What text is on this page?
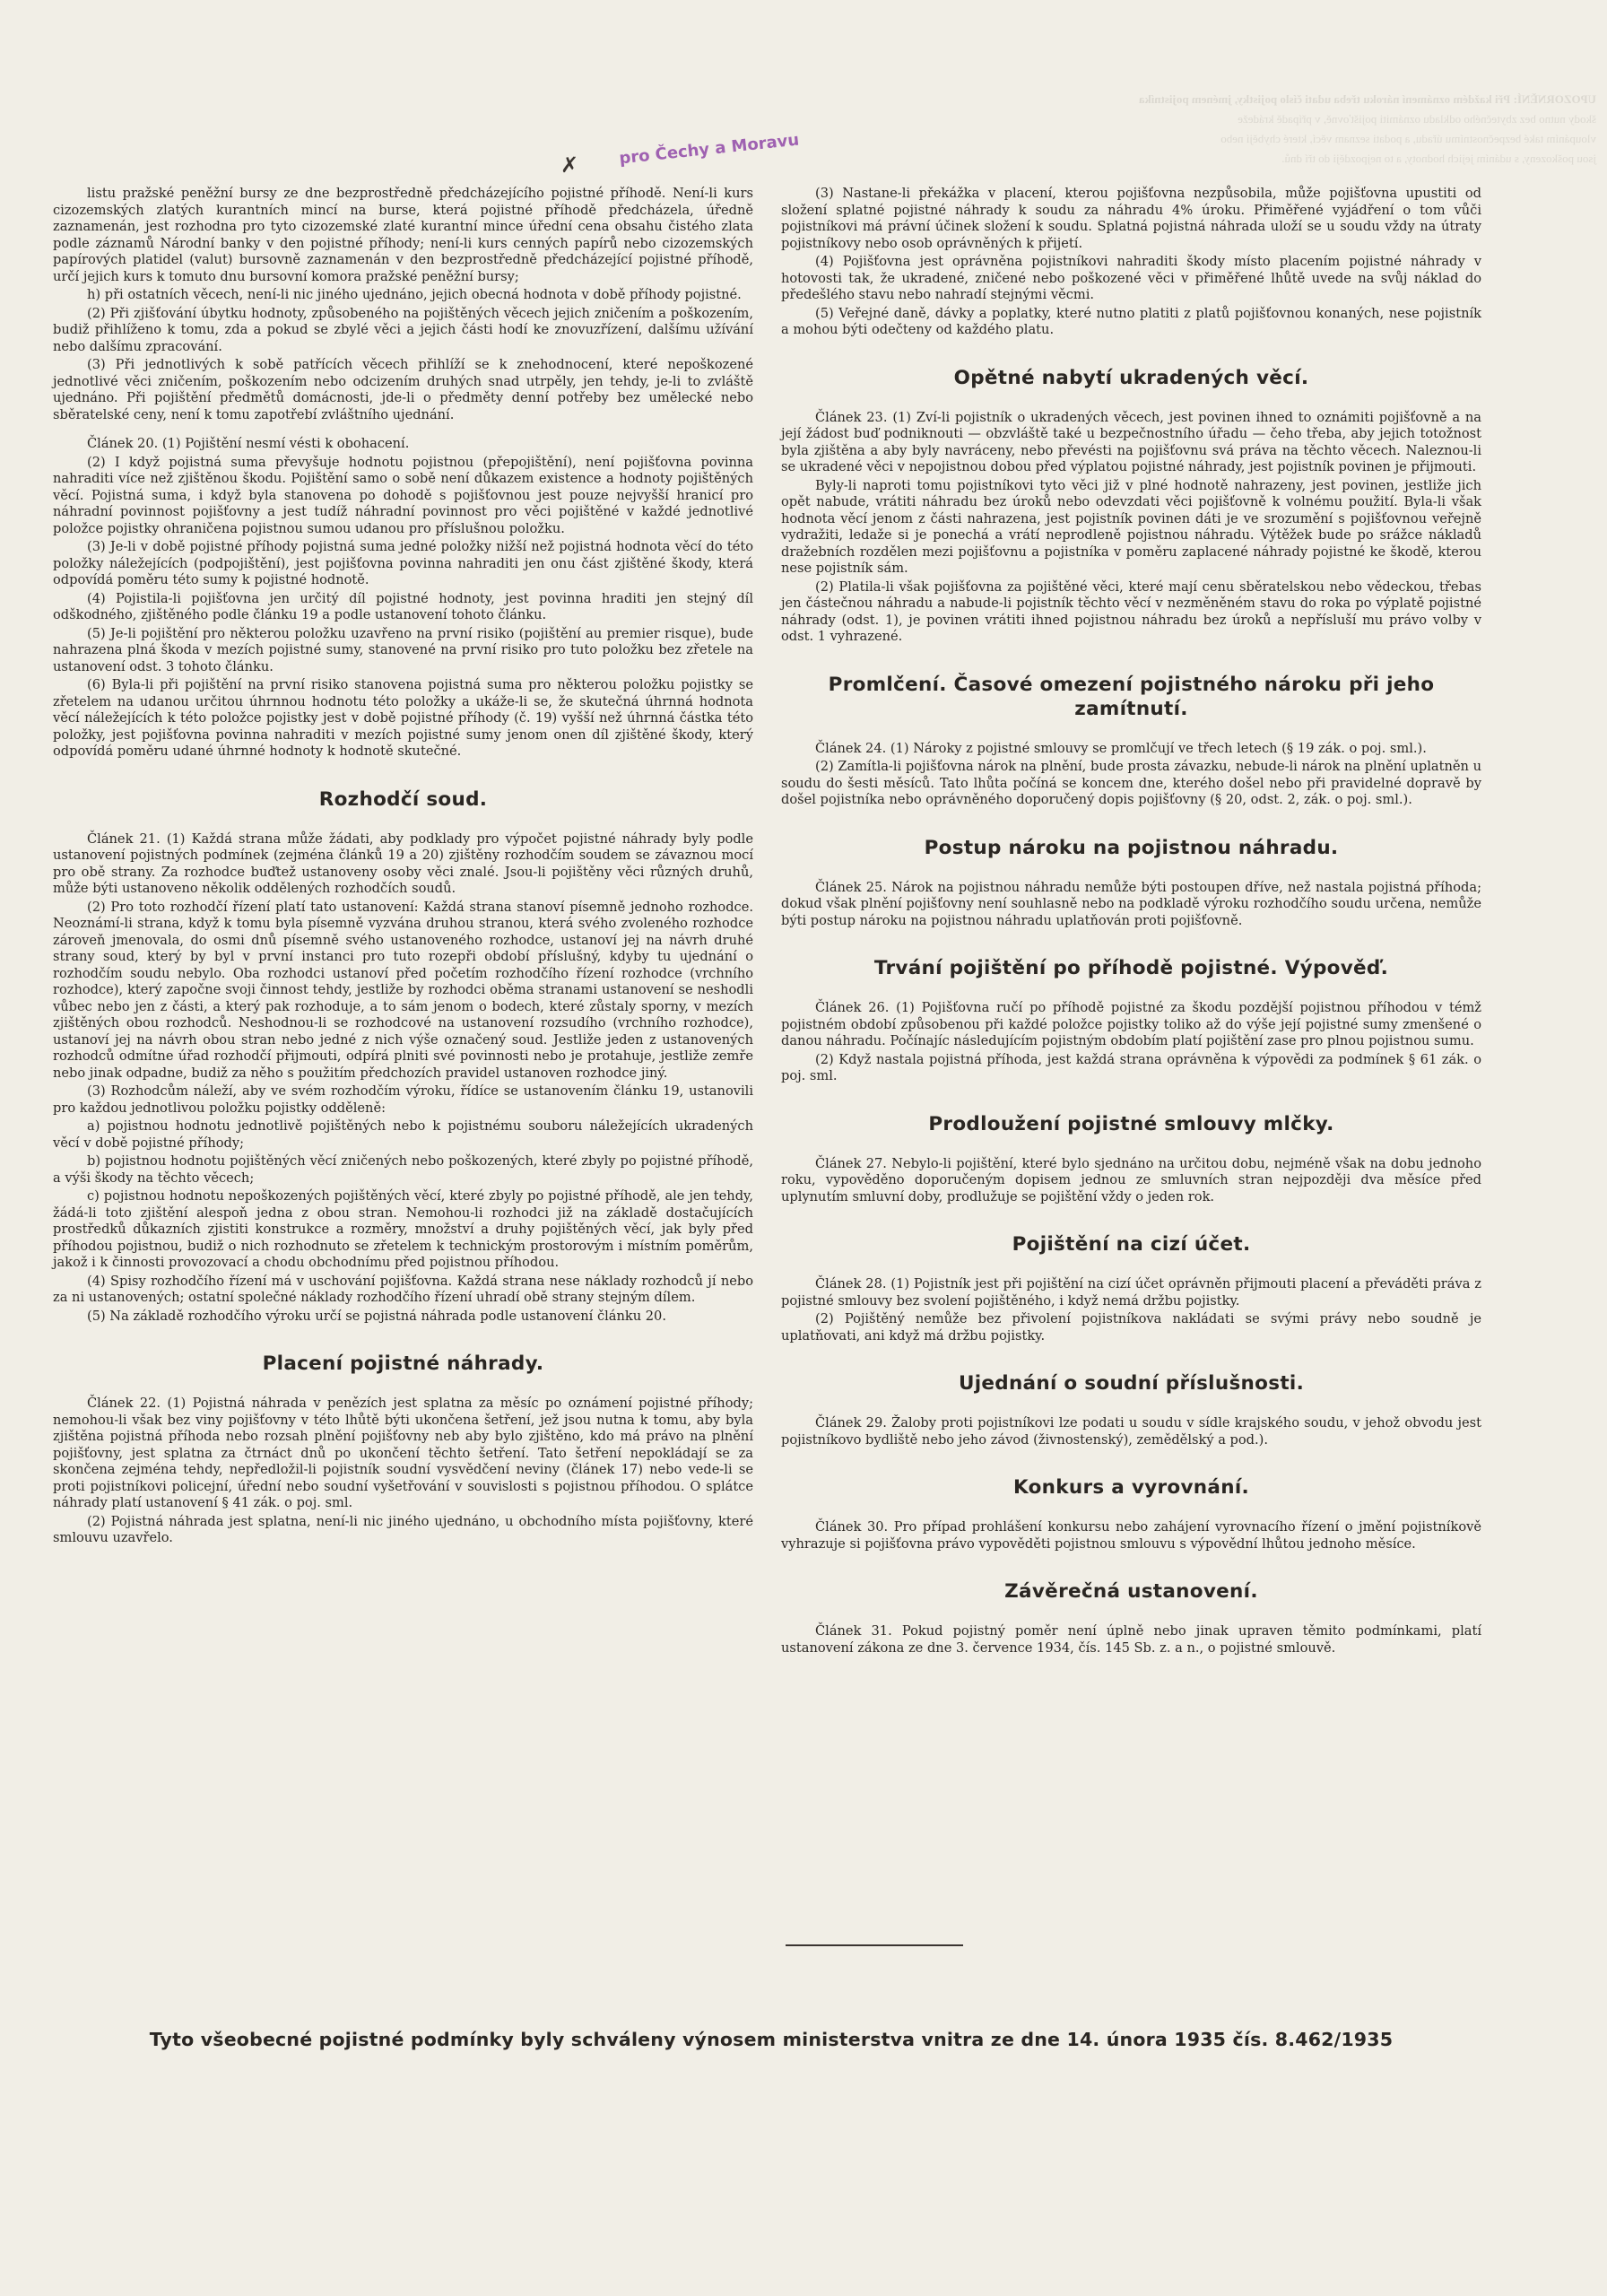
UPOZORNĚNÍ: Při každém oznámení nároku třeba udati číslo pojistky, jménem pojistníka
škody nutno bez zbytečného odkladu oznámiti pojišťovně, v případě krádeže
vloupáním také bezpečnostnímu úřadu, a podati seznam věcí, které chybějí nebo
jsou poškozeny, s udáním jejich hodnoty, a to nejpozději do tří dnů.
pro Čechy a Moravu
✗

listu pražské peněžní bursy ze dne bezprostředně předcházejícího pojistné příhodě. Není-li kurs cizozemských zlatých kurantních mincí na burse, která pojistné příhodě předcházela, úředně zaznamenán, jest rozhodna pro tyto cizozemské zlaté kurantní mince úřední cena obsahu čistého zlata podle záznamů Národní banky v den pojistné příhody; není-li kurs cenných papírů nebo cizozemských papírových platidel (valut) bursovně zaznamenán v den bezprostředně předcházející pojistné příhodě, určí jejich kurs k tomuto dnu bursovní komora pražské peněžní bursy;

h) při ostatních věcech, není-li nic jiného ujednáno, jejich obecná hodnota v době příhody pojistné.

(2) Při zjišťování úbytku hodnoty, způsobeného na pojištěných věcech jejich zničením a poškozením, budiž přihlíženo k tomu, zda a pokud se zbylé věci a jejich části hodí ke znovuzřízení, dalšímu užívání nebo dalšímu zpracování.

(3) Při jednotlivých k sobě patřících věcech přihlíží se k znehodnocení, které nepoškozené jednotlivé věci zničením, poškozením nebo odcizením druhých snad utrpěly, jen tehdy, je-li to zvláště ujednáno. Při pojištění předmětů domácnosti, jde-li o předměty denní potřeby bez umělecké nebo sběratelské ceny, není k tomu zapotřebí zvláštního ujednání.

Článek 20. (1) Pojištění nesmí vésti k obohacení.

(2) I když pojistná suma převyšuje hodnotu pojistnou (přepojištění), není pojišťovna povinna nahraditi více než zjištěnou škodu. Pojištění samo o sobě není důkazem existence a hodnoty pojištěných věcí. Pojistná suma, i když byla stanovena po dohodě s pojišťovnou jest pouze nejvyšší hranicí pro náhradní povinnost pojišťovny a jest tudíž náhradní povinnost pro věci pojištěné v každé jednotlivé položce pojistky ohraničena pojistnou sumou udanou pro příslušnou položku.

(3) Je-li v době pojistné příhody pojistná suma jedné položky nižší než pojistná hodnota věcí do této položky náležejících (podpojištění), jest pojišťovna povinna nahraditi jen onu část zjištěné škody, která odpovídá poměru této sumy k pojistné hodnotě.

(4) Pojistila-li pojišťovna jen určitý díl pojistné hodnoty, jest povinna hraditi jen stejný díl odškodného, zjištěného podle článku 19 a podle ustanovení tohoto článku.

(5) Je-li pojištění pro některou položku uzavřeno na první risiko (pojištění au premier risque), bude nahrazena plná škoda v mezích pojistné sumy, stanovené na první risiko pro tuto položku bez zřetele na ustanovení odst. 3 tohoto článku.

(6) Byla-li při pojištění na první risiko stanovena pojistná suma pro některou položku pojistky se zřetelem na udanou určitou úhrnnou hodnotu této položky a ukáže-li se, že skutečná úhrnná hodnota věcí náležejících k této položce pojistky jest v době pojistné příhody (č. 19) vyšší než úhrnná částka této položky, jest pojišťovna povinna nahraditi v mezích pojistné sumy jenom onen díl zjištěné škody, který odpovídá poměru udané úhrnné hodnoty k hodnotě skutečné.

Rozhodčí soud.

Článek 21. (1) Každá strana může žádati, aby podklady pro výpočet pojistné náhrady byly podle ustanovení pojistných podmínek (zejména článků 19 a 20) zjištěny rozhodčím soudem se závaznou mocí pro obě strany. Za rozhodce buďtež ustanoveny osoby věci znalé. Jsou-li pojištěny věci různých druhů, může býti ustanoveno několik oddělených rozhodčích soudů.

(2) Pro toto rozhodčí řízení platí tato ustanovení: Každá strana stanoví písemně jednoho rozhodce. Neoznámí-li strana, když k tomu byla písemně vyzvána druhou stranou, která svého zvoleného rozhodce zároveň jmenovala, do osmi dnů písemně svého ustanoveného rozhodce, ustanoví jej na návrh druhé strany soud, který by byl v první instanci pro tuto rozepři období příslušný, kdyby tu ujednání o rozhodčím soudu nebylo. Oba rozhodci ustanoví před početím rozhodčího řízení rozhodce (vrchního rozhodce), který započne svoji činnost tehdy, jestliže by rozhodci oběma stranami ustanovení se neshodli vůbec nebo jen z části, a který pak rozhoduje, a to sám jenom o bodech, které zůstaly sporny, v mezích zjištěných obou rozhodců. Neshodnou-li se rozhodcové na ustanovení rozsudího (vrchního rozhodce), ustanoví jej na návrh obou stran nebo jedné z nich výše označený soud. Jestliže jeden z ustanovených rozhodců odmítne úřad rozhodčí přijmouti, odpírá plniti své povinnosti nebo je protahuje, jestliže zemře nebo jinak odpadne, budiž za něho s použitím předchozích pravidel ustanoven rozhodce jiný.

(3) Rozhodcům náleží, aby ve svém rozhodčím výroku, řídíce se ustanovením článku 19, ustanovili pro každou jednotlivou položku pojistky odděleně:

a) pojistnou hodnotu jednotlivě pojištěných nebo k pojistnému souboru náležejících ukradených věcí v době pojistné příhody;

b) pojistnou hodnotu pojištěných věcí zničených nebo poškozených, které zbyly po pojistné příhodě, a výši škody na těchto věcech;

c) pojistnou hodnotu nepoškozených pojištěných věcí, které zbyly po pojistné příhodě, ale jen tehdy, žádá-li toto zjištění alespoň jedna z obou stran. Nemohou-li rozhodci již na základě dostačujících prostředků důkazních zjistiti konstrukce a rozměry, množství a druhy pojištěných věcí, jak byly před příhodou pojistnou, budiž o nich rozhodnuto se zřetelem k technickým prostorovým i místním poměrům, jakož i k činnosti provozovací a chodu obchodnímu před pojistnou příhodou.

(4) Spisy rozhodčího řízení má v uschování pojišťovna. Každá strana nese náklady rozhodců jí nebo za ni ustanovených; ostatní společné náklady rozhodčího řízení uhradí obě strany stejným dílem.

(5) Na základě rozhodčího výroku určí se pojistná náhrada podle ustanovení článku 20.

Placení pojistné náhrady.

Článek 22. (1) Pojistná náhrada v penězích jest splatna za měsíc po oznámení pojistné příhody; nemohou-li však bez viny pojišťovny v této lhůtě býti ukončena šetření, jež jsou nutna k tomu, aby byla zjištěna pojistná příhoda nebo rozsah plnění pojišťovny neb aby bylo zjištěno, kdo má právo na plnění pojišťovny, jest splatna za čtrnáct dnů po ukončení těchto šetření. Tato šetření nepokládají se za skončena zejména tehdy, nepředložil-li pojistník soudní vysvědčení neviny (článek 17) nebo vede-li se proti pojistníkovi policejní, úřední nebo soudní vyšetřování v souvislosti s pojistnou příhodou. O splátce náhrady platí ustanovení § 41 zák. o poj. sml.

(2) Pojistná náhrada jest splatna, není-li nic jiného ujednáno, u obchodního místa pojišťovny, které smlouvu uzavřelo.

(3) Nastane-li překážka v placení, kterou pojišťovna nezpůsobila, může pojišťovna upustiti od složení splatné pojistné náhrady k soudu za náhradu 4% úroku. Přiměřené vyjádření o tom vůči pojistníkovi má právní účinek složení k soudu. Splatná pojistná náhrada uloží se u soudu vždy na útraty pojistníkovy nebo osob oprávněných k přijetí.

(4) Pojišťovna jest oprávněna pojistníkovi nahraditi škody místo placením pojistné náhrady v hotovosti tak, že ukradené, zničené nebo poškozené věci v přiměřené lhůtě uvede na svůj náklad do předešlého stavu nebo nahradí stejnými věcmi.

(5) Veřejné daně, dávky a poplatky, které nutno platiti z platů pojišťovnou konaných, nese pojistník a mohou býti odečteny od každého platu.

Opětné nabytí ukradených věcí.

Článek 23. (1) Zví-li pojistník o ukradených věcech, jest povinen ihned to oznámiti pojišťovně a na její žádost buď podniknouti — obzvláště také u bezpečnostního úřadu — čeho třeba, aby jejich totožnost byla zjištěna a aby byly navráceny, nebo převésti na pojišťovnu svá práva na těchto věcech. Naleznou-li se ukradené věci v nepojistnou dobou před výplatou pojistné náhrady, jest pojistník povinen je přijmouti.

Byly-li naproti tomu pojistníkovi tyto věci již v plné hodnotě nahrazeny, jest povinen, jestliže jich opět nabude, vrátiti náhradu bez úroků nebo odevzdati věci pojišťovně k volnému použití. Byla-li však hodnota věcí jenom z části nahrazena, jest pojistník povinen dáti je ve srozumění s pojišťovnou veřejně vydražiti, ledaže si je ponechá a vrátí neprodleně pojistnou náhradu. Výtěžek bude po srážce nákladů dražebních rozdělen mezi pojišťovnu a pojistníka v poměru zaplacené náhrady pojistné ke škodě, kterou nese pojistník sám.

(2) Platila-li však pojišťovna za pojištěné věci, které mají cenu sběratelskou nebo vědeckou, třebas jen částečnou náhradu a nabude-li pojistník těchto věcí v nezměněném stavu do roka po výplatě pojistné náhrady (odst. 1), je povinen vrátiti ihned pojistnou náhradu bez úroků a nepřísluší mu právo volby v odst. 1 vyhrazené.

Promlčení. Časové omezení pojistného nároku při jeho zamítnutí.

Článek 24. (1) Nároky z pojistné smlouvy se promlčují ve třech letech (§ 19 zák. o poj. sml.).

(2) Zamítla-li pojišťovna nárok na plnění, bude prosta závazku, nebude-li nárok na plnění uplatněn u soudu do šesti měsíců. Tato lhůta počíná se koncem dne, kterého došel nebo při pravidelné dopravě by došel pojistníka nebo oprávněného doporučený dopis pojišťovny (§ 20, odst. 2, zák. o poj. sml.).

Postup nároku na pojistnou náhradu.

Článek 25. Nárok na pojistnou náhradu nemůže býti postoupen dříve, než nastala pojistná příhoda; dokud však plnění pojišťovny není souhlasně nebo na podkladě výroku rozhodčího soudu určena, nemůže býti postup nároku na pojistnou náhradu uplatňován proti pojišťovně.

Trvání pojištění po příhodě pojistné. Výpověď.

Článek 26. (1) Pojišťovna ručí po příhodě pojistné za škodu pozdější pojistnou příhodou v témž pojistném období způsobenou při každé položce pojistky toliko až do výše její pojistné sumy zmenšené o danou náhradu. Počínajíc následujícím pojistným obdobím platí pojištění zase pro plnou pojistnou sumu.

(2) Když nastala pojistná příhoda, jest každá strana oprávněna k výpovědi za podmínek § 61 zák. o poj. sml.

Prodloužení pojistné smlouvy mlčky.

Článek 27. Nebylo-li pojištění, které bylo sjednáno na určitou dobu, nejméně však na dobu jednoho roku, vypověděno doporučeným dopisem jednou ze smluvních stran nejpozději dva měsíce před uplynutím smluvní doby, prodlužuje se pojištění vždy o jeden rok.

Pojištění na cizí účet.

Článek 28. (1) Pojistník jest při pojištění na cizí účet oprávněn přijmouti placení a převáděti práva z pojistné smlouvy bez svolení pojištěného, i když nemá držbu pojistky.

(2) Pojištěný nemůže bez přivolení pojistníkova nakládati se svými právy nebo soudně je uplatňovati, ani když má držbu pojistky.

Ujednání o soudní příslušnosti.

Článek 29. Žaloby proti pojistníkovi lze podati u soudu v sídle krajského soudu, v jehož obvodu jest pojistníkovo bydliště nebo jeho závod (živnostenský), zemědělský a pod.).

Konkurs a vyrovnání.

Článek 30. Pro případ prohlášení konkursu nebo zahájení vyrovnacího řízení o jmění pojistníkově vyhrazuje si pojišťovna právo vypověděti pojistnou smlouvu s výpovědní lhůtou jednoho měsíce.

Závěrečná ustanovení.

Článek 31. Pokud pojistný poměr není úplně nebo jinak upraven těmito podmínkami, platí ustanovení zákona ze dne 3. července 1934, čís. 145 Sb. z. a n., o pojistné smlouvě.

Tyto všeobecné pojistné podmínky byly schváleny výnosem ministerstva vnitra ze dne 14. února 1935 čís. 8.462/1935
